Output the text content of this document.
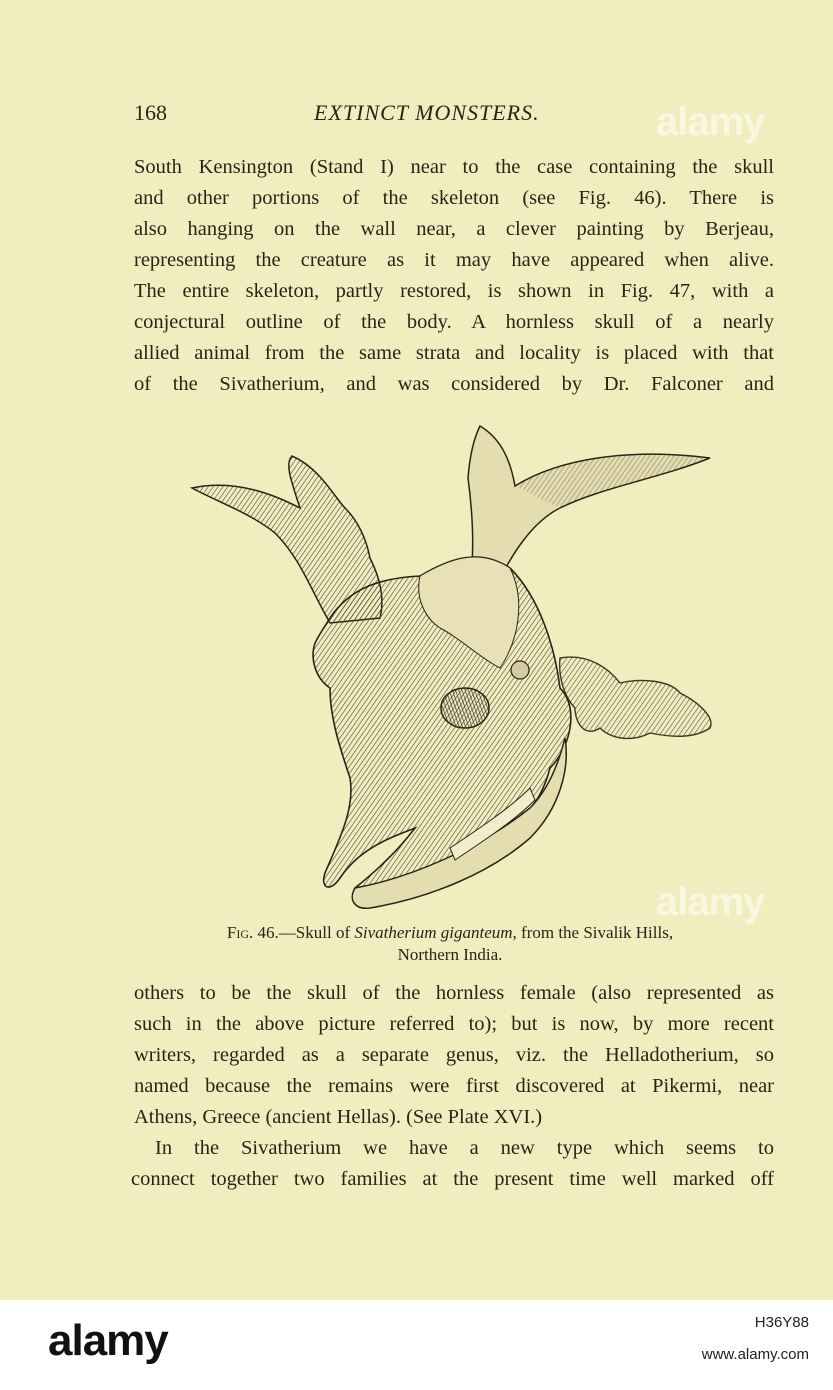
168	EXTINCT MONSTERS.

South Kensington (Stand I) near to the case containing the skull
and other portions of the skeleton (see Fig. 46). There is
also hanging on the wall near, a clever painting by Berjeau,
representing the creature as it may have appeared when alive.
The entire skeleton, partly restored, is shown in Fig. 47, with a
conjectural outline of the body. A hornless skull of a nearly
allied animal from the same strata and locality is placed with that
of the Sivatherium, and was considered by Dr. Falconer and

Fig. 46.—Skull of Sivatherium giganteum, from the Sivalik Hills,
Northern India.

others to be the skull of the hornless female (also represented as
such in the above picture referred to); but is now, by more recent
writers, regarded as a separate genus, viz. the Helladotherium, so
named because the remains were first discovered at Pikermi, near
Athens, Greece (ancient Hellas). (See Plate XVI.)

In the Sivatherium we have a new type which seems to
connect together two families at the present time well marked off

alamy
alamy
alamy	H36Y88
www.alamy.com
